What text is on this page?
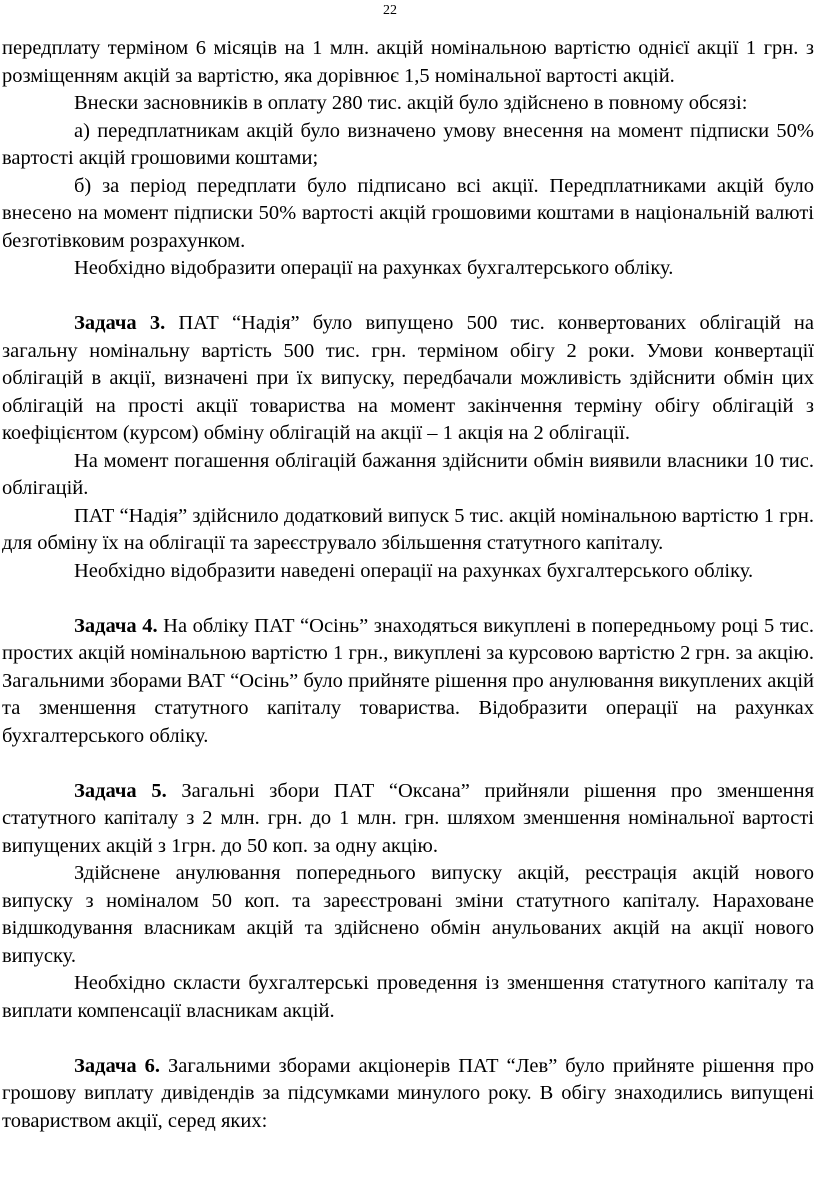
22

передплату терміном 6 місяців на 1 млн. акцій номінальною вартістю однієї акції 1 грн. з розміщенням акцій за вартістю, яка дорівнює 1,5 номінальної вартості акцій.

Внески засновників в оплату 280 тис. акцій було здійснено в повному обсязі:

а) передплатникам акцій було визначено умову внесення на момент підписки 50% вартості акцій грошовими коштами;

б) за період передплати було підписано всі акції. Передплатниками акцій було внесено на момент підписки 50% вартості акцій грошовими коштами в національній валюті безготівковим розрахунком.

Необхідно відобразити операції на рахунках бухгалтерського обліку.

Задача 3. ПАТ “Надія” було випущено 500 тис. конвертованих облігацій на загальну номінальну вартість 500 тис. грн. терміном обігу 2 роки. Умови конвертації облігацій в акції, визначені при їх випуску, передбачали можливість здійснити обмін цих облігацій на прості акції товариства на момент закінчення терміну обігу облігацій з коефіцієнтом (курсом) обміну облігацій на акції – 1 акція на 2 облігації.

На момент погашення облігацій бажання здійснити обмін виявили власники 10 тис. облігацій.

ПАТ “Надія” здійснило додатковий випуск 5 тис. акцій номінальною вартістю 1 грн. для обміну їх на облігації та зареєструвало збільшення статутного капіталу.

Необхідно відобразити наведені операції на рахунках бухгалтерського обліку.

Задача 4. На обліку ПАТ “Осінь” знаходяться викуплені в попередньому році 5 тис. простих акцій номінальною вартістю 1 грн., викуплені за курсовою вартістю 2 грн. за акцію. Загальними зборами ВАТ “Осінь” було прийняте рішення про анулювання викуплених акцій та зменшення статутного капіталу товариства. Відобразити операції на рахунках бухгалтерського обліку.

Задача 5. Загальні збори ПАТ “Оксана” прийняли рішення про зменшення статутного капіталу з 2 млн. грн. до 1 млн. грн. шляхом зменшення номінальної вартості випущених акцій з 1грн. до 50 коп. за одну акцію.

Здійснене анулювання попереднього випуску акцій, реєстрація акцій нового випуску з номіналом 50 коп. та зареєстровані зміни статутного капіталу. Нараховане відшкодування власникам акцій та здійснено обмін анульованих акцій на акції нового випуску.

Необхідно скласти бухгалтерські проведення із зменшення статутного капіталу та виплати компенсації власникам акцій.

Задача 6. Загальними зборами акціонерів ПАТ “Лев” було прийняте рішення про грошову виплату дивідендів за підсумками минулого року. В обігу знаходились випущені товариством акції, серед яких:
